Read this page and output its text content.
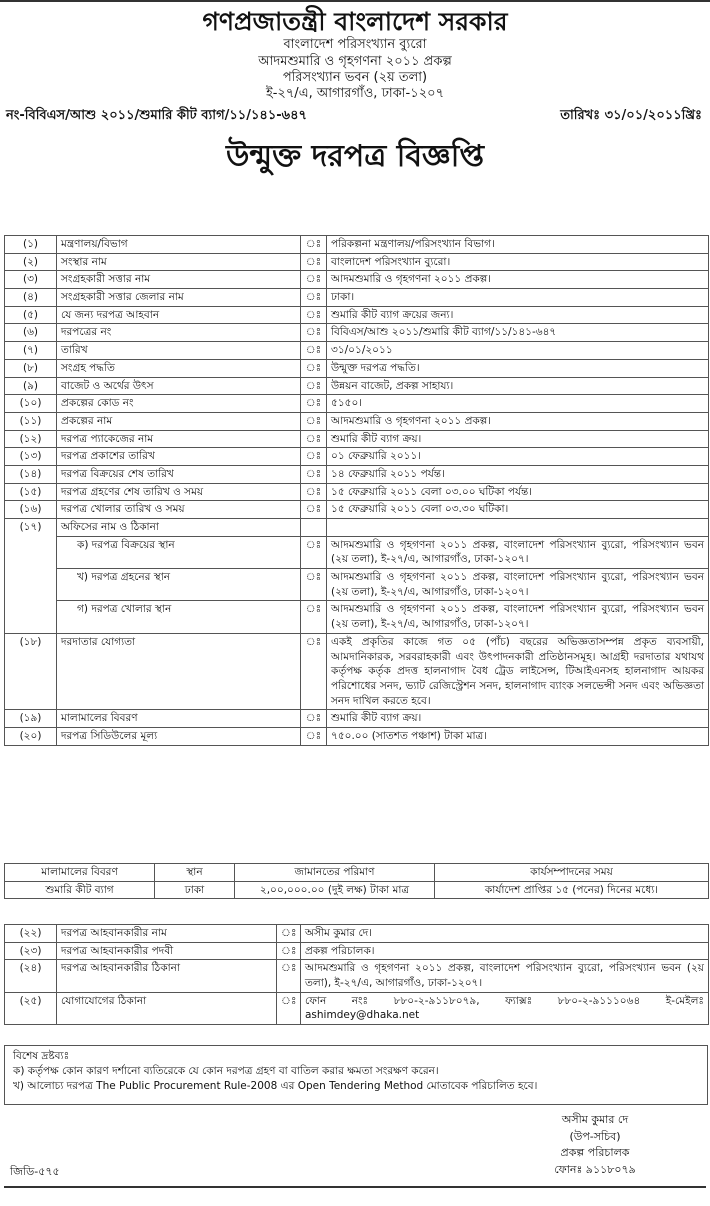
গণপ্রজাতন্ত্রী বাংলাদেশ সরকার
বাংলাদেশ পরিসংখ্যান ব্যুরো
আদমশুমারি ও গৃহগণনা ২০১১ প্রকল্প
পরিসংখ্যান ভবন (২য় তলা)
ই-২৭/এ, আগারগাঁও, ঢাকা-১২০৭
নং-বিবিএস/আশু ২০১১/শুমারি কীট ব্যাগ/১১/১৪১-৬৪৭	তারিখঃ ৩১/০১/২০১১খ্রিঃ
উন্মুক্ত দরপত্র বিজ্ঞপ্তি
(১)	মন্ত্রণালয়/বিভাগ	ঃ	পরিকল্পনা মন্ত্রণালয়/পরিসংখ্যান বিভাগ।
(২)	সংস্থার নাম	ঃ	বাংলাদেশ পরিসংখ্যান ব্যুরো।
(৩)	সংগ্রহকারী সত্তার নাম	ঃ	আদমশুমারি ও গৃহগণনা ২০১১ প্রকল্প।
(৪)	সংগ্রহকারী সত্তার জেলার নাম	ঃ	ঢাকা।
(৫)	যে জন্য দরপত্র আহবান	ঃ	শুমারি কীট ব্যাগ ক্রয়ের জন্য।
(৬)	দরপত্রের নং	ঃ	বিবিএস/আশু ২০১১/শুমারি কীট ব্যাগ/১১/১৪১-৬৪৭
(৭)	তারিখ	ঃ	৩১/০১/২০১১
(৮)	সংগ্রহ পদ্ধতি	ঃ	উন্মুক্ত দরপত্র পদ্ধতি।
(৯)	বাজেট ও অর্থের উৎস	ঃ	উন্নয়ন বাজেট, প্রকল্প সাহায্য।
(১০)	প্রকল্পের কোড নং	ঃ	৫১৫০।
(১১)	প্রকল্পের নাম	ঃ	আদমশুমারি ও গৃহগণনা ২০১১ প্রকল্প।
(১২)	দরপত্র প্যাকেজের নাম	ঃ	শুমারি কীট ব্যাগ ক্রয়।
(১৩)	দরপত্র প্রকাশের তারিখ	ঃ	০১ ফেব্রুয়ারি ২০১১।
(১৪)	দরপত্র বিক্রয়ের শেষ তারিখ	ঃ	১৪ ফেব্রুয়ারি ২০১১ পর্যন্ত।
(১৫)	দরপত্র গ্রহণের শেষ তারিখ ও সময়	ঃ	১৫ ফেব্রুয়ারি ২০১১ বেলা ০৩.০০ ঘটিকা পর্যন্ত।
(১৬)	দরপত্র খোলার তারিখ ও সময়	ঃ	১৫ ফেব্রুয়ারি ২০১১ বেলা ০৩.৩০ ঘটিকা।
(১৭)	অফিসের নাম ও ঠিকানা		
	ক) দরপত্র বিক্রয়ের স্থান	ঃ	আদমশুমারি ও গৃহগণনা ২০১১ প্রকল্প, বাংলাদেশ পরিসংখ্যান ব্যুরো, পরিসংখ্যান ভবন (২য় তলা), ই-২৭/এ, আগারগাঁও, ঢাকা-১২০৭।
	খ) দরপত্র গ্রহনের স্থান	ঃ	আদমশুমারি ও গৃহগণনা ২০১১ প্রকল্প, বাংলাদেশ পরিসংখ্যান ব্যুরো, পরিসংখ্যান ভবন (২য় তলা), ই-২৭/এ, আগারগাঁও, ঢাকা-১২০৭।
	গ) দরপত্র খোলার স্থান	ঃ	আদমশুমারি ও গৃহগণনা ২০১১ প্রকল্প, বাংলাদেশ পরিসংখ্যান ব্যুরো, পরিসংখ্যান ভবন (২য় তলা), ই-২৭/এ, আগারগাঁও, ঢাকা-১২০৭।
(১৮)	দরদাতার যোগ্যতা	ঃ	একই প্রকৃতির কাজে গত ০৫ (পাঁচ) বছরের অভিজ্ঞতাসম্পন্ন প্রকৃত ব্যবসায়ী, আমদানিকারক, সরবরাহকারী এবং উৎপাদনকারী প্রতিষ্ঠানসমূহ। আগ্রহী দরদাতার যথাযথ কর্তৃপক্ষ কর্তৃক প্রদত্ত হালনাগাদ বৈধ ট্রেড লাইসেন্স, টিআইএনসহ হালনাগাদ আয়কর পরিশোধের সনদ, ভ্যাট রেজিস্ট্রেশন সনদ, হালনাগাদ ব্যাংক সলভেন্সী সনদ এবং অভিজ্ঞতা সনদ দাখিল করতে হবে।
(১৯)	মালামালের বিবরণ	ঃ	শুমারি কীট ব্যাগ ক্রয়।
(২০)	দরপত্র সিডিউলের মূল্য	ঃ	৭৫০.০০ (সাতশত পঞ্চাশ) টাকা মাত্র।
মালামালের বিবরণ	স্থান	জামানতের পরিমাণ	কার্যসম্পাদনের সময়
শুমারি কীট ব্যাগ	ঢাকা	২,০০,০০০.০০ (দুই লক্ষ) টাকা মাত্র	কার্যাদেশ প্রাপ্তির ১৫ (পনের) দিনের মধ্যে।
(২২)	দরপত্র আহবানকারীর নাম	ঃ	অসীম কুমার দে।
(২৩)	দরপত্র আহবানকারীর পদবী	ঃ	প্রকল্প পরিচালক।
(২৪)	দরপত্র আহবানকারীর ঠিকানা	ঃ	আদমশুমারি ও গৃহগণনা ২০১১ প্রকল্প, বাংলাদেশ পরিসংখ্যান ব্যুরো, পরিসংখ্যান ভবন (২য় তলা), ই-২৭/এ, আগারগাঁও, ঢাকা-১২০৭।
(২৫)	যোগাযোগের ঠিকানা	ঃ	ফোন নংঃ ৮৮০-২-৯১১৮০৭৯, ফ্যাক্সঃ ৮৮০-২-৯১১১০৬৪ ই-মেইলঃ ashimdey@dhaka.net
বিশেষ দ্রষ্টব্যঃ
ক) কর্তৃপক্ষ কোন কারণ দর্শানো ব্যতিরেকে যে কোন দরপত্র গ্রহণ বা বাতিল করার ক্ষমতা সংরক্ষণ করেন।
খ) আলোচ্য দরপত্র The Public Procurement Rule-2008 এর Open Tendering Method মোতাবেক পরিচালিত হবে।
অসীম কুমার দে
(উপ-সচিব)
প্রকল্প পরিচালক
ফোনঃ ৯১১৮০৭৯
জিডি-৫৭৫
